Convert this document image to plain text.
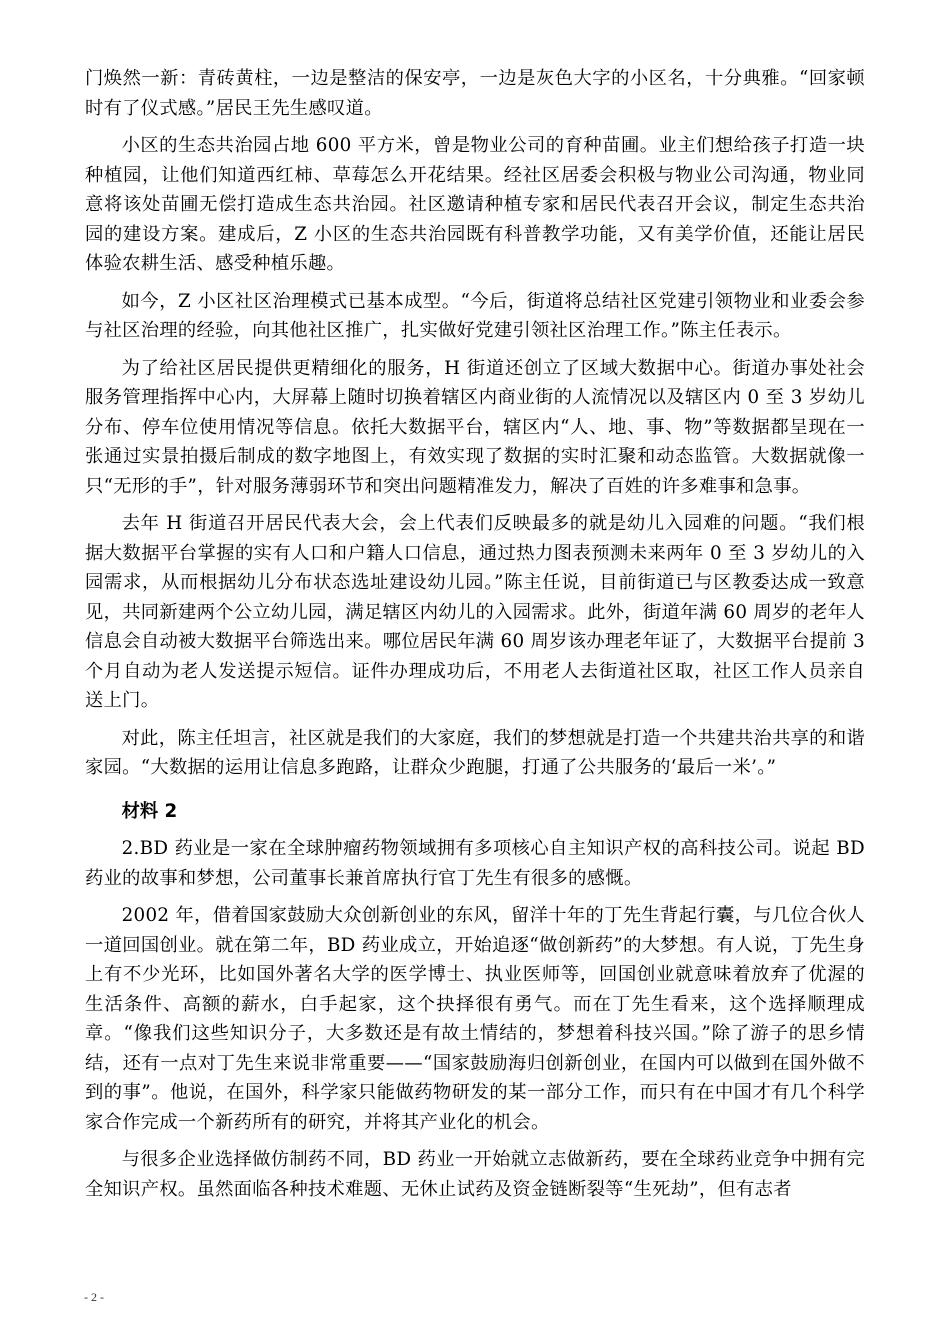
门焕然一新：青砖黄柱，一边是整洁的保安亭，一边是灰色大字的小区名，十分典雅。“回家顿时有了仪式感。”居民王先生感叹道。

小区的生态共治园占地 600 平方米，曾是物业公司的育种苗圃。业主们想给孩子打造一块种植园，让他们知道西红柿、草莓怎么开花结果。经社区居委会积极与物业公司沟通，物业同意将该处苗圃无偿打造成生态共治园。社区邀请种植专家和居民代表召开会议，制定生态共治园的建设方案。建成后，Z 小区的生态共治园既有科普教学功能，又有美学价值，还能让居民体验农耕生活、感受种植乐趣。

如今，Z 小区社区治理模式已基本成型。“今后，街道将总结社区党建引领物业和业委会参与社区治理的经验，向其他社区推广，扎实做好党建引领社区治理工作。”陈主任表示。

为了给社区居民提供更精细化的服务，H 街道还创立了区域大数据中心。街道办事处社会服务管理指挥中心内，大屏幕上随时切换着辖区内商业街的人流情况以及辖区内 0 至 3 岁幼儿分布、停车位使用情况等信息。依托大数据平台，辖区内“人、地、事、物”等数据都呈现在一张通过实景拍摄后制成的数字地图上，有效实现了数据的实时汇聚和动态监管。大数据就像一只“无形的手”，针对服务薄弱环节和突出问题精准发力，解决了百姓的许多难事和急事。

去年 H 街道召开居民代表大会，会上代表们反映最多的就是幼儿入园难的问题。“我们根据大数据平台掌握的实有人口和户籍人口信息，通过热力图表预测未来两年 0 至 3 岁幼儿的入园需求，从而根据幼儿分布状态选址建设幼儿园。”陈主任说，目前街道已与区教委达成一致意见，共同新建两个公立幼儿园，满足辖区内幼儿的入园需求。此外，街道年满 60 周岁的老年人信息会自动被大数据平台筛选出来。哪位居民年满 60 周岁该办理老年证了，大数据平台提前 3 个月自动为老人发送提示短信。证件办理成功后，不用老人去街道社区取，社区工作人员亲自送上门。

对此，陈主任坦言，社区就是我们的大家庭，我们的梦想就是打造一个共建共治共享的和谐家园。“大数据的运用让信息多跑路，让群众少跑腿，打通了公共服务的‘最后一米’。”

材料 2

2.BD 药业是一家在全球肿瘤药物领域拥有多项核心自主知识产权的高科技公司。说起 BD 药业的故事和梦想，公司董事长兼首席执行官丁先生有很多的感慨。

2002 年，借着国家鼓励大众创新创业的东风，留洋十年的丁先生背起行囊，与几位合伙人一道回国创业。就在第二年，BD 药业成立，开始追逐“做创新药”的大梦想。有人说，丁先生身上有不少光环，比如国外著名大学的医学博士、执业医师等，回国创业就意味着放弃了优渥的生活条件、高额的薪水，白手起家，这个抉择很有勇气。而在丁先生看来，这个选择顺理成章。“像我们这些知识分子，大多数还是有故土情结的，梦想着科技兴国。”除了游子的思乡情结，还有一点对丁先生来说非常重要——“国家鼓励海归创新创业，在国内可以做到在国外做不到的事”。他说，在国外，科学家只能做药物研发的某一部分工作，而只有在中国才有几个科学家合作完成一个新药所有的研究，并将其产业化的机会。

与很多企业选择做仿制药不同，BD 药业一开始就立志做新药，要在全球药业竞争中拥有完全知识产权。虽然面临各种技术难题、无休止试药及资金链断裂等“生死劫”，但有志者

- 2 -
